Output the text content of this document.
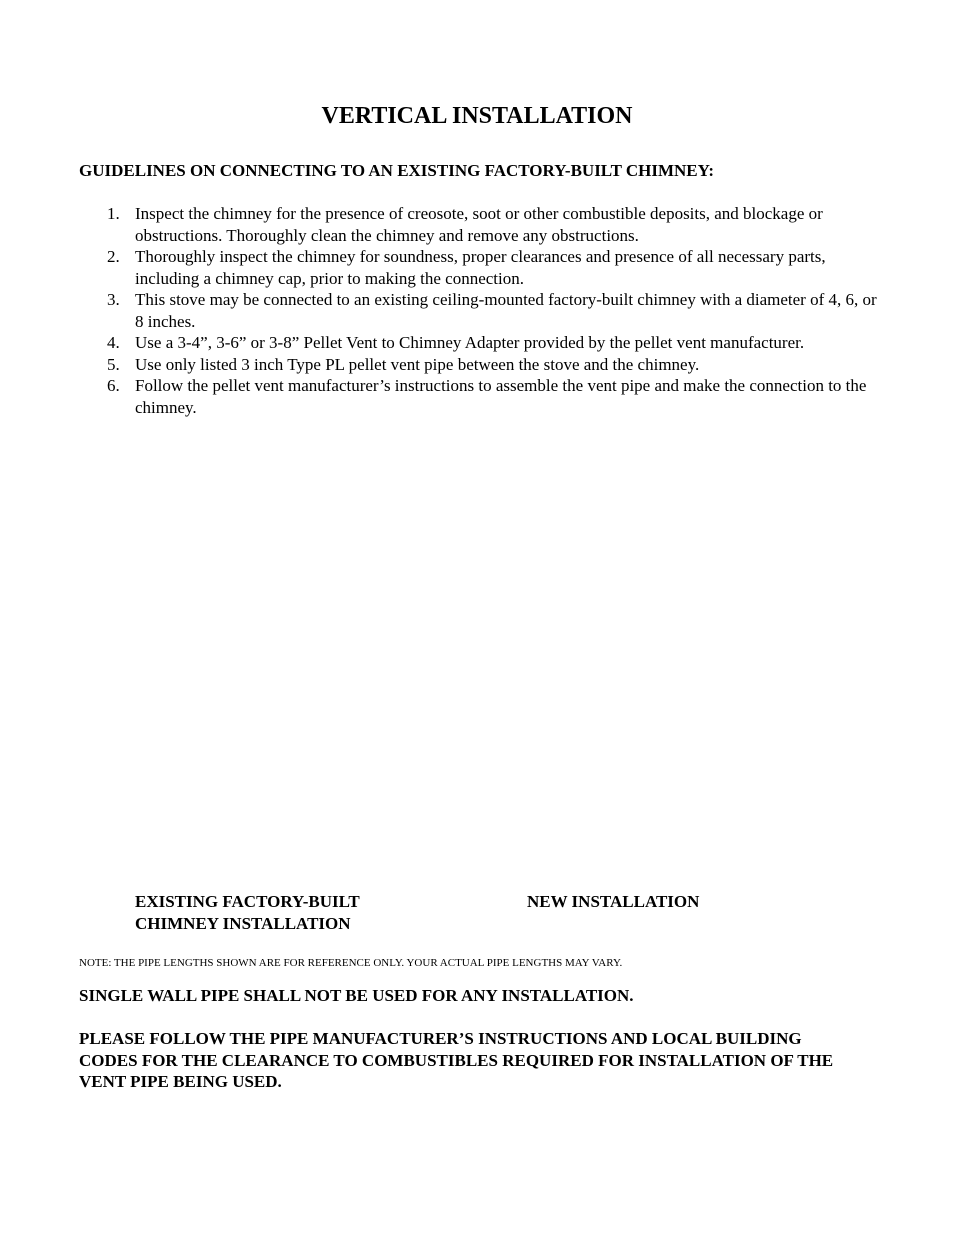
VERTICAL INSTALLATION
GUIDELINES ON CONNECTING TO AN EXISTING FACTORY-BUILT CHIMNEY:
1. Inspect the chimney for the presence of creosote, soot or other combustible deposits, and blockage or obstructions. Thoroughly clean the chimney and remove any obstructions.
2. Thoroughly inspect the chimney for soundness, proper clearances and presence of all necessary parts, including a chimney cap, prior to making the connection.
3. This stove may be connected to an existing ceiling-mounted factory-built chimney with a diameter of 4, 6, or 8 inches.
4. Use a 3-4”, 3-6” or 3-8” Pellet Vent to Chimney Adapter provided by the pellet vent manufacturer.
5. Use only listed 3 inch Type PL pellet vent pipe between the stove and the chimney.
6. Follow the pellet vent manufacturer’s instructions to assemble the vent pipe and make the connection to the chimney.
EXISTING FACTORY-BUILT
CHIMNEY INSTALLATION
NEW INSTALLATION

NOTE: THE PIPE LENGTHS SHOWN ARE FOR REFERENCE ONLY. YOUR ACTUAL PIPE LENGTHS MAY VARY.

SINGLE WALL PIPE SHALL NOT BE USED FOR ANY INSTALLATION.

PLEASE FOLLOW THE PIPE MANUFACTURER’S INSTRUCTIONS AND LOCAL BUILDING CODES FOR THE CLEARANCE TO COMBUSTIBLES REQUIRED FOR INSTALLATION OF THE VENT PIPE BEING USED.
